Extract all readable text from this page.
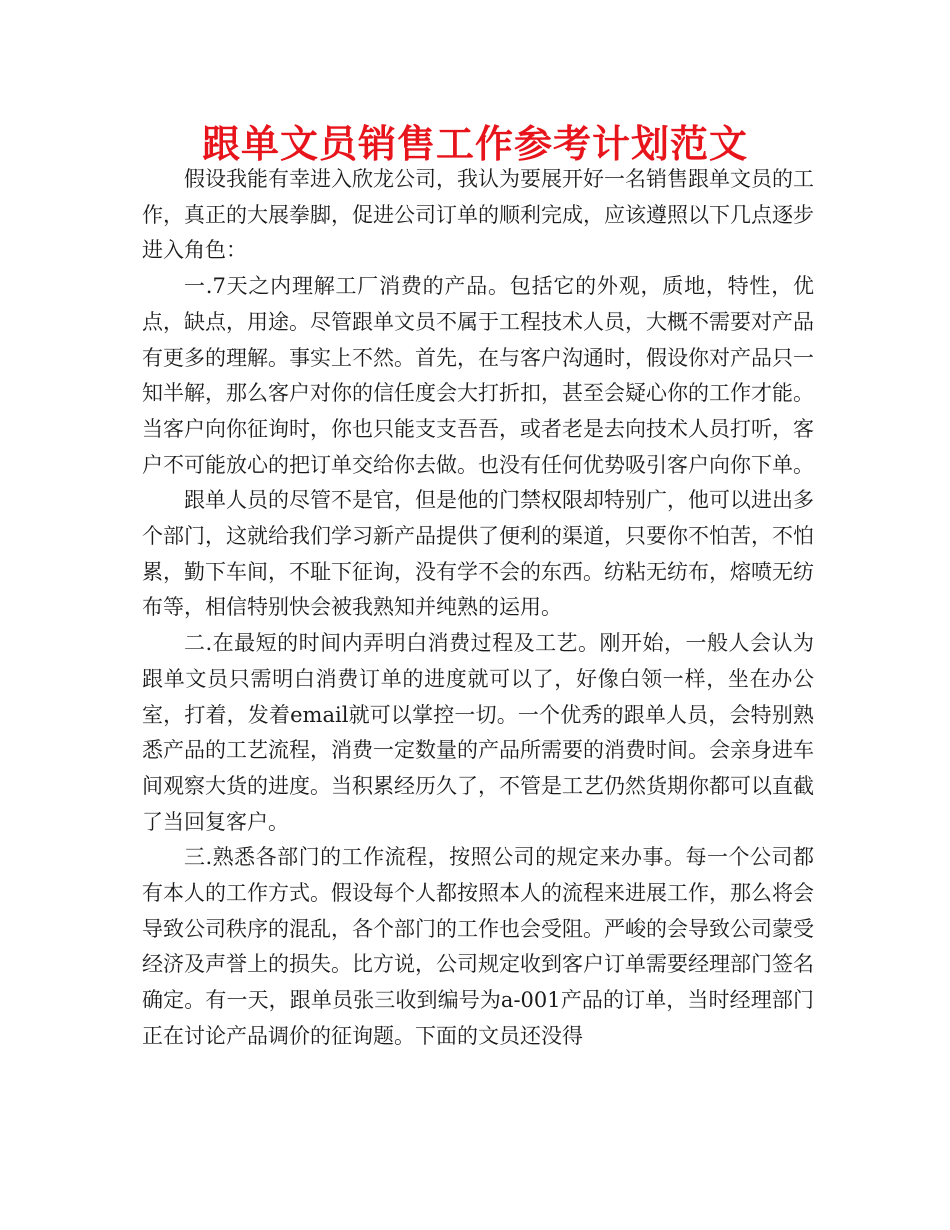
跟单文员销售工作参考计划范文

假设我能有幸进入欣龙公司，我认为要展开好一名销售跟单文员的工作，真正的大展拳脚，促进公司订单的顺利完成，应该遵照以下几点逐步进入角色：

一.7天之内理解工厂消费的产品。包括它的外观，质地，特性，优点，缺点，用途。尽管跟单文员不属于工程技术人员，大概不需要对产品有更多的理解。事实上不然。首先，在与客户沟通时，假设你对产品只一知半解，那么客户对你的信任度会大打折扣，甚至会疑心你的工作才能。当客户向你征询时，你也只能支支吾吾，或者老是去向技术人员打听，客户不可能放心的把订单交给你去做。也没有任何优势吸引客户向你下单。

跟单人员的尽管不是官，但是他的门禁权限却特别广，他可以进出多个部门，这就给我们学习新产品提供了便利的渠道，只要你不怕苦，不怕累，勤下车间，不耻下征询，没有学不会的东西。纺粘无纺布，熔喷无纺布等，相信特别快会被我熟知并纯熟的运用。

二.在最短的时间内弄明白消费过程及工艺。刚开始，一般人会认为跟单文员只需明白消费订单的进度就可以了，好像白领一样，坐在办公室，打着，发着email就可以掌控一切。一个优秀的跟单人员，会特别熟悉产品的工艺流程，消费一定数量的产品所需要的消费时间。会亲身进车间观察大货的进度。当积累经历久了，不管是工艺仍然货期你都可以直截了当回复客户。

三.熟悉各部门的工作流程，按照公司的规定来办事。每一个公司都有本人的工作方式。假设每个人都按照本人的流程来进展工作，那么将会导致公司秩序的混乱，各个部门的工作也会受阻。严峻的会导致公司蒙受经济及声誉上的损失。比方说，公司规定收到客户订单需要经理部门签名确定。有一天，跟单员张三收到编号为a-001产品的订单，当时经理部门正在讨论产品调价的征询题。下面的文员还没得
